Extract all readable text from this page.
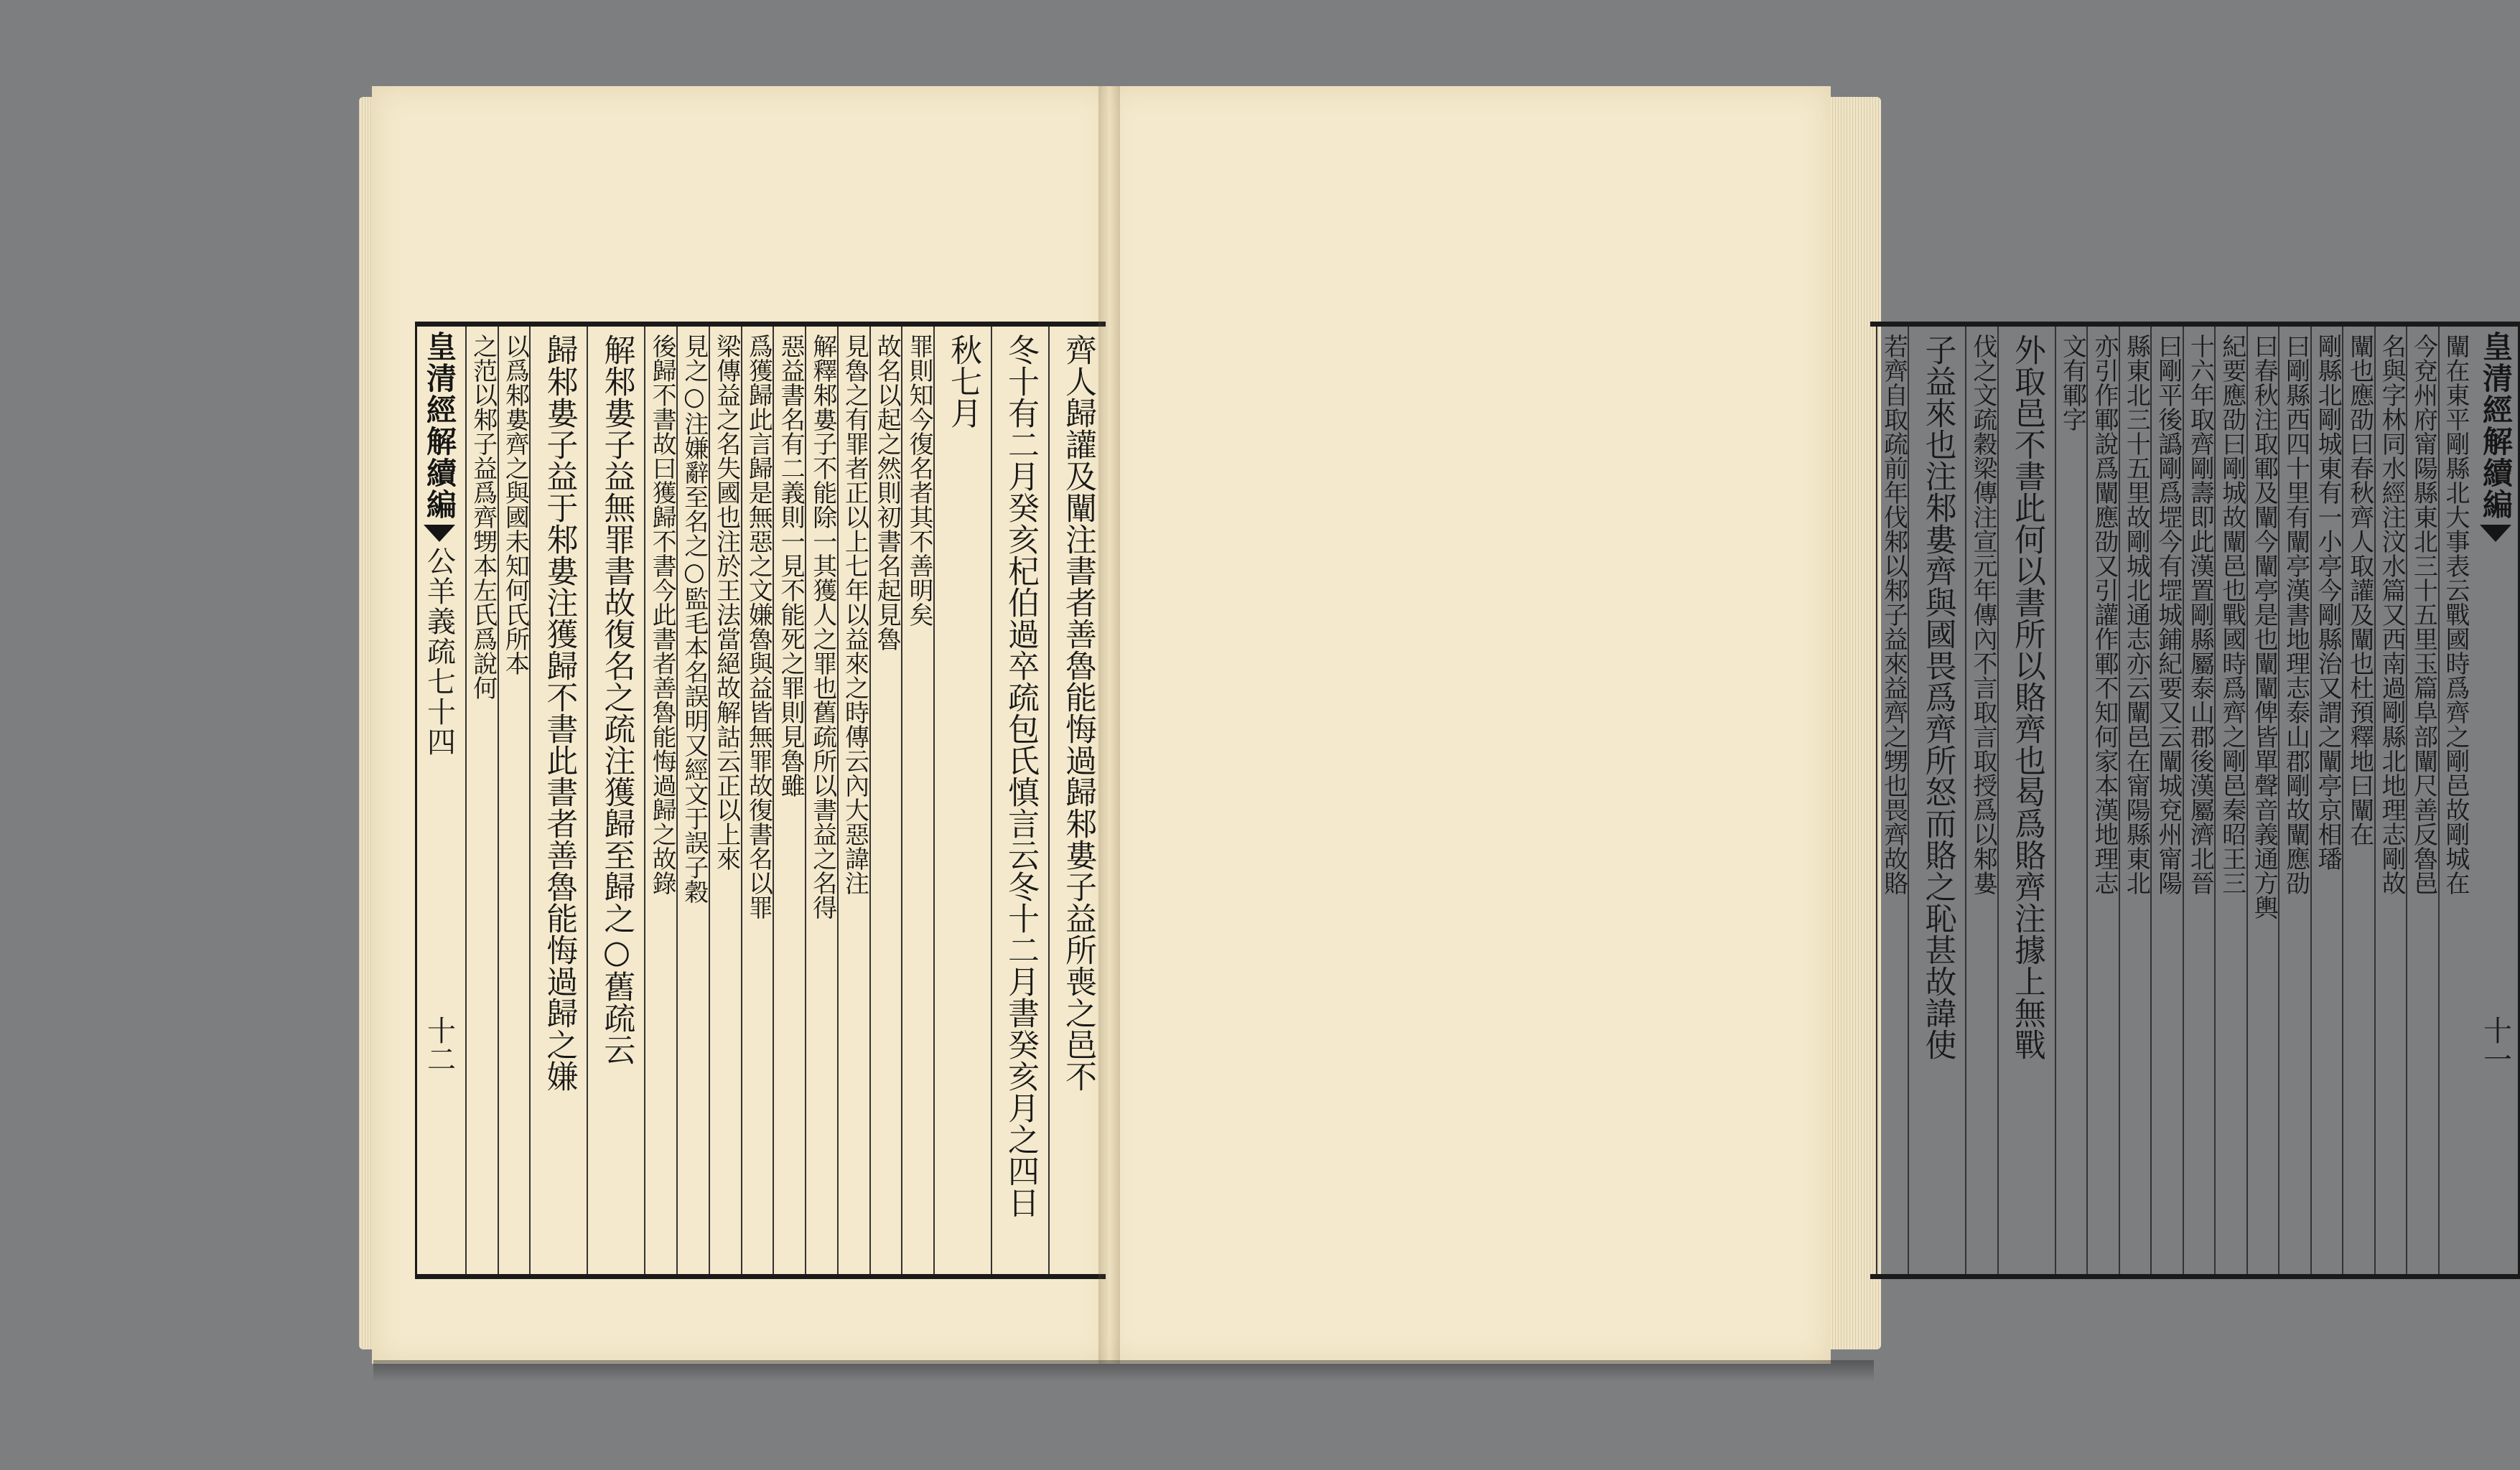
皇清經解續編
公羊義疏七十四
十二	齊人歸讙及闡注書者善魯能悔過歸邾婁子益所喪之邑不
冬十有二月癸亥杞伯過卒疏包氏慎言云冬十二月書癸亥月之四日
秋七月
罪則知今復名者其不善明矣
故名以起之然則初書名起見魯
見魯之有罪者正以上七年以益來之時傳云內大惡諱注
解釋邾婁子不能除一其獲人之罪也舊疏所以書益之名得
惡益書名有二義則一見不能死之罪則見魯雖
爲獲歸此言歸是無惡之文嫌魯與益皆無罪故復書名以罪
梁傳益之名失國也注於王法當絕故解詁云正以上來
見之○注嫌辭至名之○監毛本名誤明又經文于誤子穀
後歸不書故曰獲歸不書今此書者善魯能悔過歸之故錄
解邾婁子益無罪書故復名之疏注獲歸至歸之○舊疏云
歸邾婁子益于邾婁注獲歸不書此書者善魯能悔過歸之嫌
以爲邾婁齊之與國未知何氏所本
之范以邾子益爲齊甥本左氏爲說何	闡在東平剛縣北大事表云戰國時爲齊之剛邑故剛城在
今兗州府甯陽縣東北三十五里玉篇阜部闡尺善反魯邑
名與字林同水經注汶水篇又西南過剛縣北地理志剛故
闡也應劭曰春秋齊人取讙及闡也杜預釋地曰闡在
剛縣北剛城東有一小亭今剛縣治又謂之闡亭京相璠
曰剛縣西四十里有闡亭漢書地理志泰山郡剛故闡應劭
曰春秋注取鄆及闡今闡亭是也闡闡俾皆單聲音義通方輿
紀要應劭曰剛城故闡邑也戰國時爲齊之剛邑秦昭王三
十六年取齊剛壽即此漢置剛縣屬泰山郡後漢屬濟北晉
曰剛平後譌剛爲堽今有堽城鋪紀要又云闡城兗州甯陽
縣東北三十五里故剛城北通志亦云闡邑在甯陽縣東北
亦引作鄆說爲闡應劭又引讙作鄆不知何家本漢地理志
文有鄆字
外取邑不書此何以書所以賂齊也曷爲賂齊注據上無戰
伐之文疏穀梁傳注宣元年傳內不言取言取授爲以邾婁
子益來也注邾婁齊與國畏爲齊所怒而賂之恥甚故諱使
若齊自取疏前年伐邾以邾子益來益齊之甥也畏齊故賂	皇清經解續編
十一
